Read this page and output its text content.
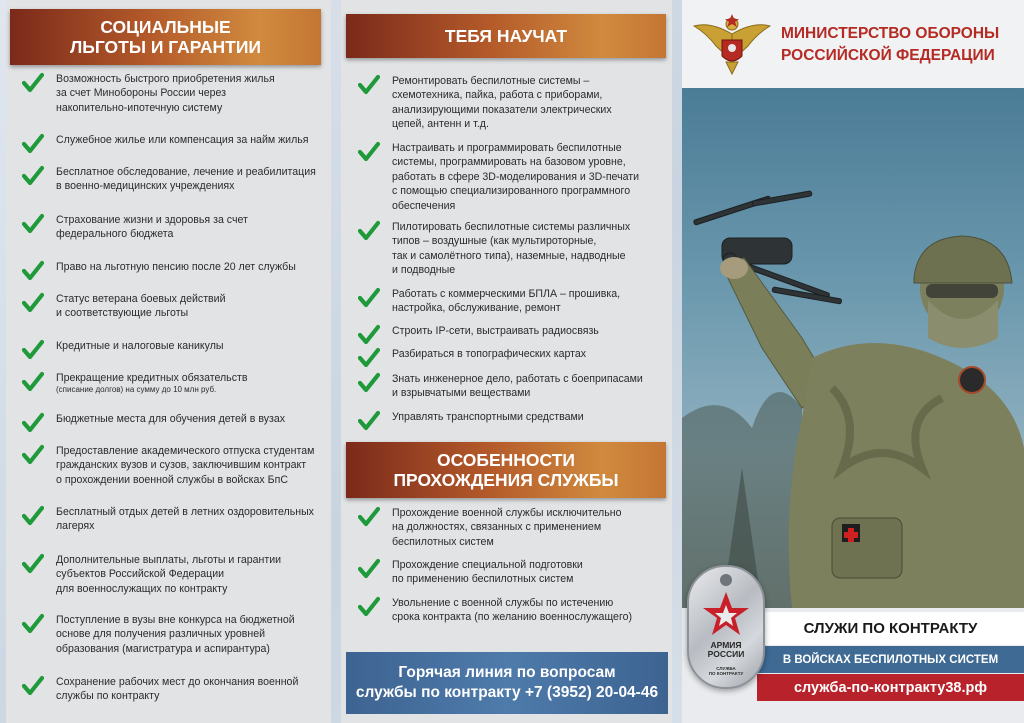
СОЦИАЛЬНЫЕ
ЛЬГОТЫ И ГАРАНТИИ
Возможность быстрого приобретения жилья
за счет Минобороны России через
накопительно-ипотечную систему
Служебное жилье или компенсация за найм жилья
Бесплатное обследование, лечение и реабилитация
в военно-медицинских учреждениях
Страхование жизни и здоровья за счет
федерального бюджета
Право на льготную пенсию после 20 лет службы
Статус ветерана боевых действий
и соответствующие льготы
Кредитные и налоговые каникулы
Прекращение кредитных обязательств
(списание долгов) на сумму до 10 млн руб.
Бюджетные места для обучения детей в вузах
Предоставление академического отпуска студентам
гражданских вузов и сузов, заключившим контракт
о прохождении военной службы в войсках БпС
Бесплатный отдых детей в летних оздоровительных
лагерях
Дополнительные выплаты, льготы и гарантии
субъектов Российской Федерации
для военнослужащих по контракту
Поступление в вузы вне конкурса на бюджетной
основе для получения различных уровней
образования (магистратура и аспирантура)
Сохранение рабочих мест до окончания военной
службы по контракту
ТЕБЯ НАУЧАТ
Ремонтировать беспилотные системы –
схемотехника, пайка, работа с приборами,
анализирующими показатели электрических
цепей, антенн и т.д.
Настраивать и программировать беспилотные
системы, программировать на базовом уровне,
работать в сфере 3D-моделирования и 3D-печати
с помощью специализированного программного
обеспечения
Пилотировать беспилотные системы различных
типов – воздушные (как мультироторные,
так и самолётного типа), наземные, надводные
и подводные
Работать с коммерческими БПЛА – прошивка,
настройка, обслуживание, ремонт
Строить IP-сети, выстраивать радиосвязь
Разбираться в топографических картах
Знать инженерное дело, работать с боеприпасами
и взрывчатыми веществами
Управлять транспортными средствами
ОСОБЕННОСТИ
ПРОХОЖДЕНИЯ СЛУЖБЫ
Прохождение военной службы исключительно
на должностях, связанных с применением
беспилотных систем
Прохождение специальной подготовки
по применению беспилотных систем
Увольнение с военной службы по истечению
срока контракта (по желанию военнослужащего)
Горячая линия по вопросам
службы по контракту +7 (3952) 20-04-46
МИНИСТЕРСТВО ОБОРОНЫ
РОССИЙСКОЙ ФЕДЕРАЦИИ
СЛУЖИ ПО КОНТРАКТУ
В ВОЙСКАХ БЕСПИЛОТНЫХ СИСТЕМ
служба-по-контракту38.рф
АРМИЯ
РОССИИ
СЛУЖБА
ПО КОНТРАКТУ
